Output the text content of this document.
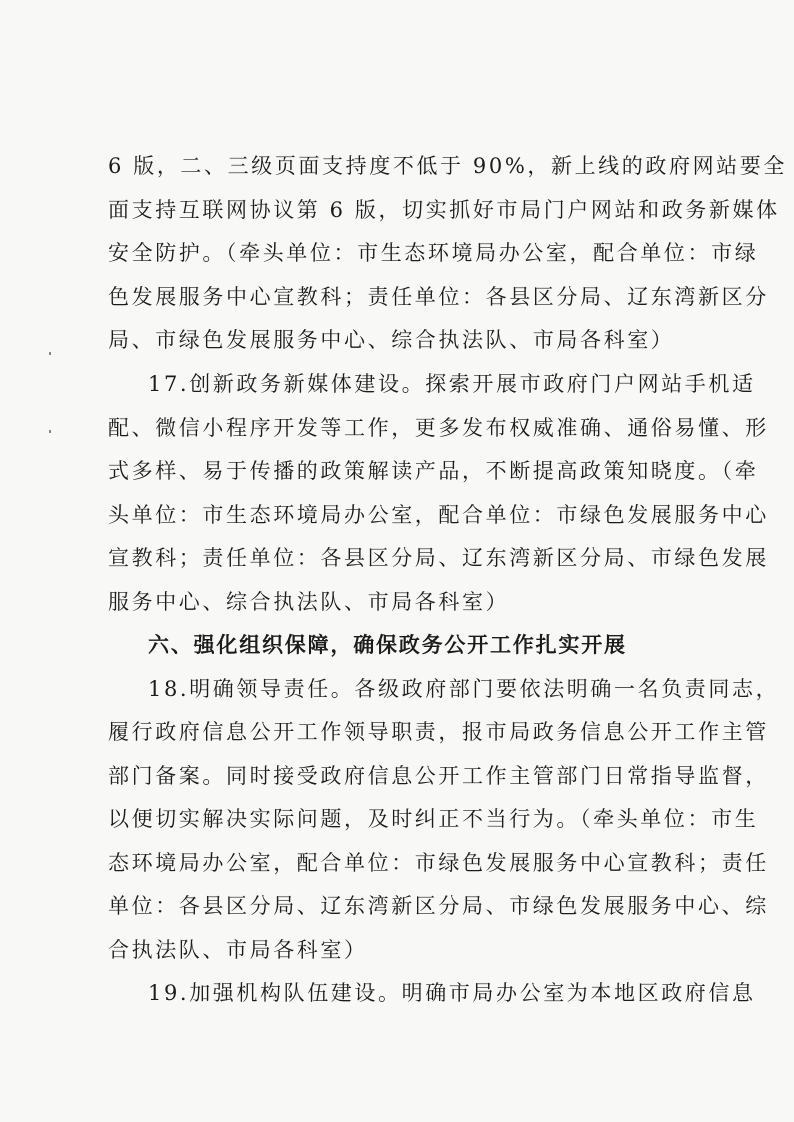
6 版，二、三级页面支持度不低于 90%，新上线的政府网站要全
面支持互联网协议第 6 版，切实抓好市局门户网站和政务新媒体
安全防护。（牵头单位：市生态环境局办公室，配合单位：市绿
色发展服务中心宣教科；责任单位：各县区分局、辽东湾新区分
局、市绿色发展服务中心、综合执法队、市局各科室）
17.创新政务新媒体建设。探索开展市政府门户网站手机适
配、微信小程序开发等工作，更多发布权威准确、通俗易懂、形
式多样、易于传播的政策解读产品，不断提高政策知晓度。（牵
头单位：市生态环境局办公室，配合单位：市绿色发展服务中心
宣教科；责任单位：各县区分局、辽东湾新区分局、市绿色发展
服务中心、综合执法队、市局各科室）
六、强化组织保障，确保政务公开工作扎实开展
18.明确领导责任。各级政府部门要依法明确一名负责同志，
履行政府信息公开工作领导职责，报市局政务信息公开工作主管
部门备案。同时接受政府信息公开工作主管部门日常指导监督，
以便切实解决实际问题，及时纠正不当行为。（牵头单位：市生
态环境局办公室，配合单位：市绿色发展服务中心宣教科；责任
单位：各县区分局、辽东湾新区分局、市绿色发展服务中心、综
合执法队、市局各科室）
19.加强机构队伍建设。明确市局办公室为本地区政府信息
